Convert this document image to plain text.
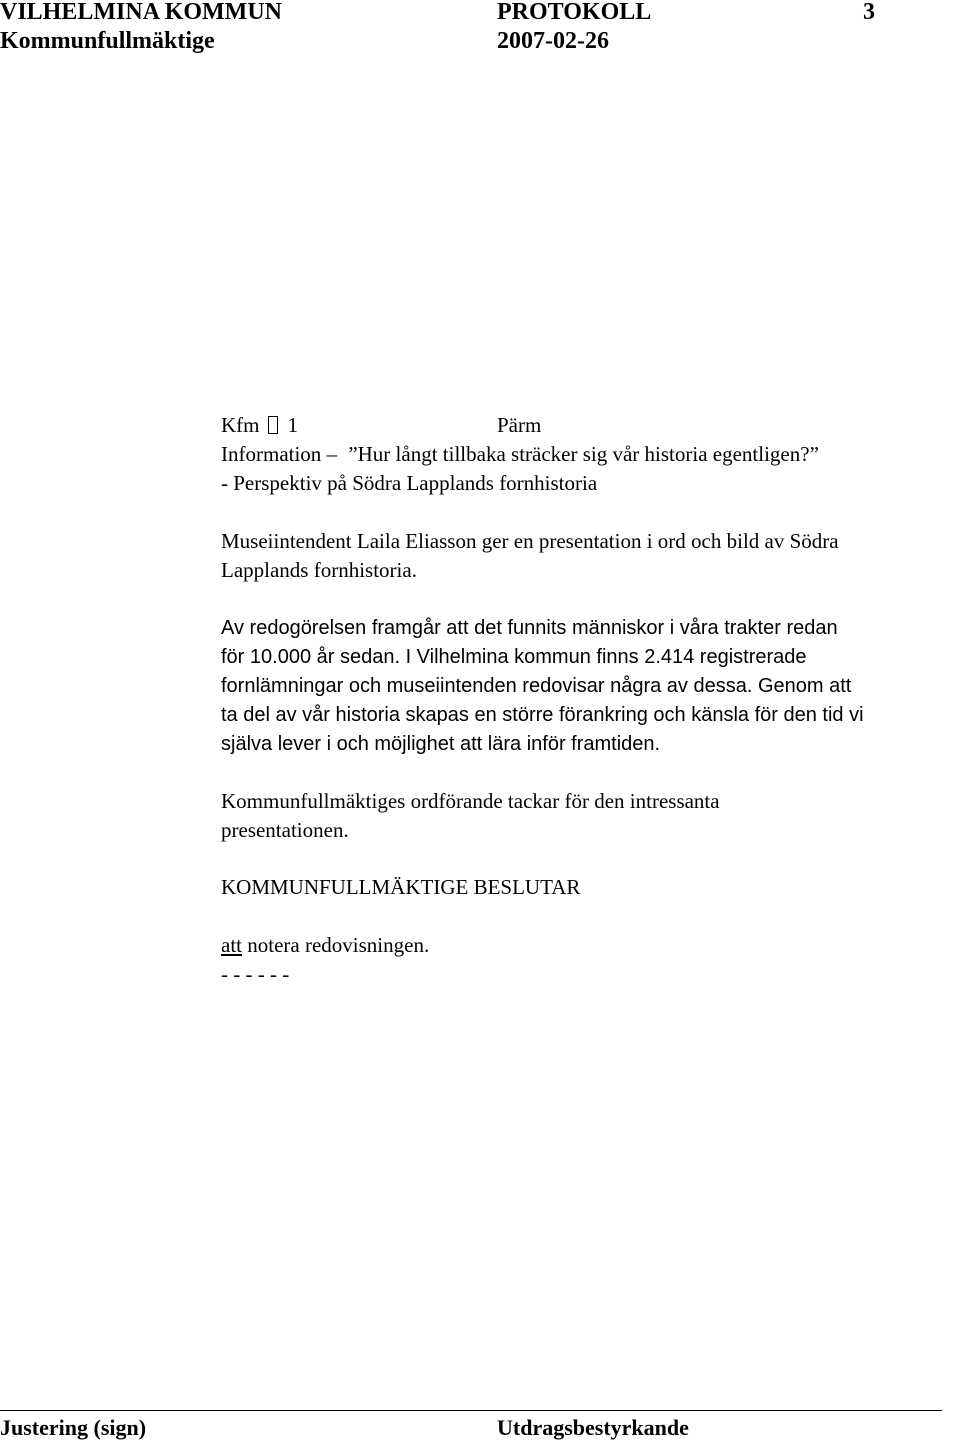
VILHELMINA KOMMUN	PROTOKOLL	3
Kommunfullmäktige	2007-02-26
Kfm 1	Pärm
Information – ”Hur långt tillbaka sträcker sig vår historia egentligen?”
- Perspektiv på Södra Lapplands fornhistoria
Museiintendent Laila Eliasson ger en presentation i ord och bild av Södra
Lapplands fornhistoria.
Av redogörelsen framgår att det funnits människor i våra trakter redan
för 10.000 år sedan. I Vilhelmina kommun finns 2.414 registrerade
fornlämningar och museiintenden redovisar några av dessa. Genom att
ta del av vår historia skapas en större förankring och känsla för den tid vi
själva lever i och möjlighet att lära inför framtiden.
Kommunfullmäktiges ordförande tackar för den intressanta
presentationen.
KOMMUNFULLMÄKTIGE BESLUTAR
att notera redovisningen.
- - - - - -
Justering (sign)	Utdragsbestyrkande
